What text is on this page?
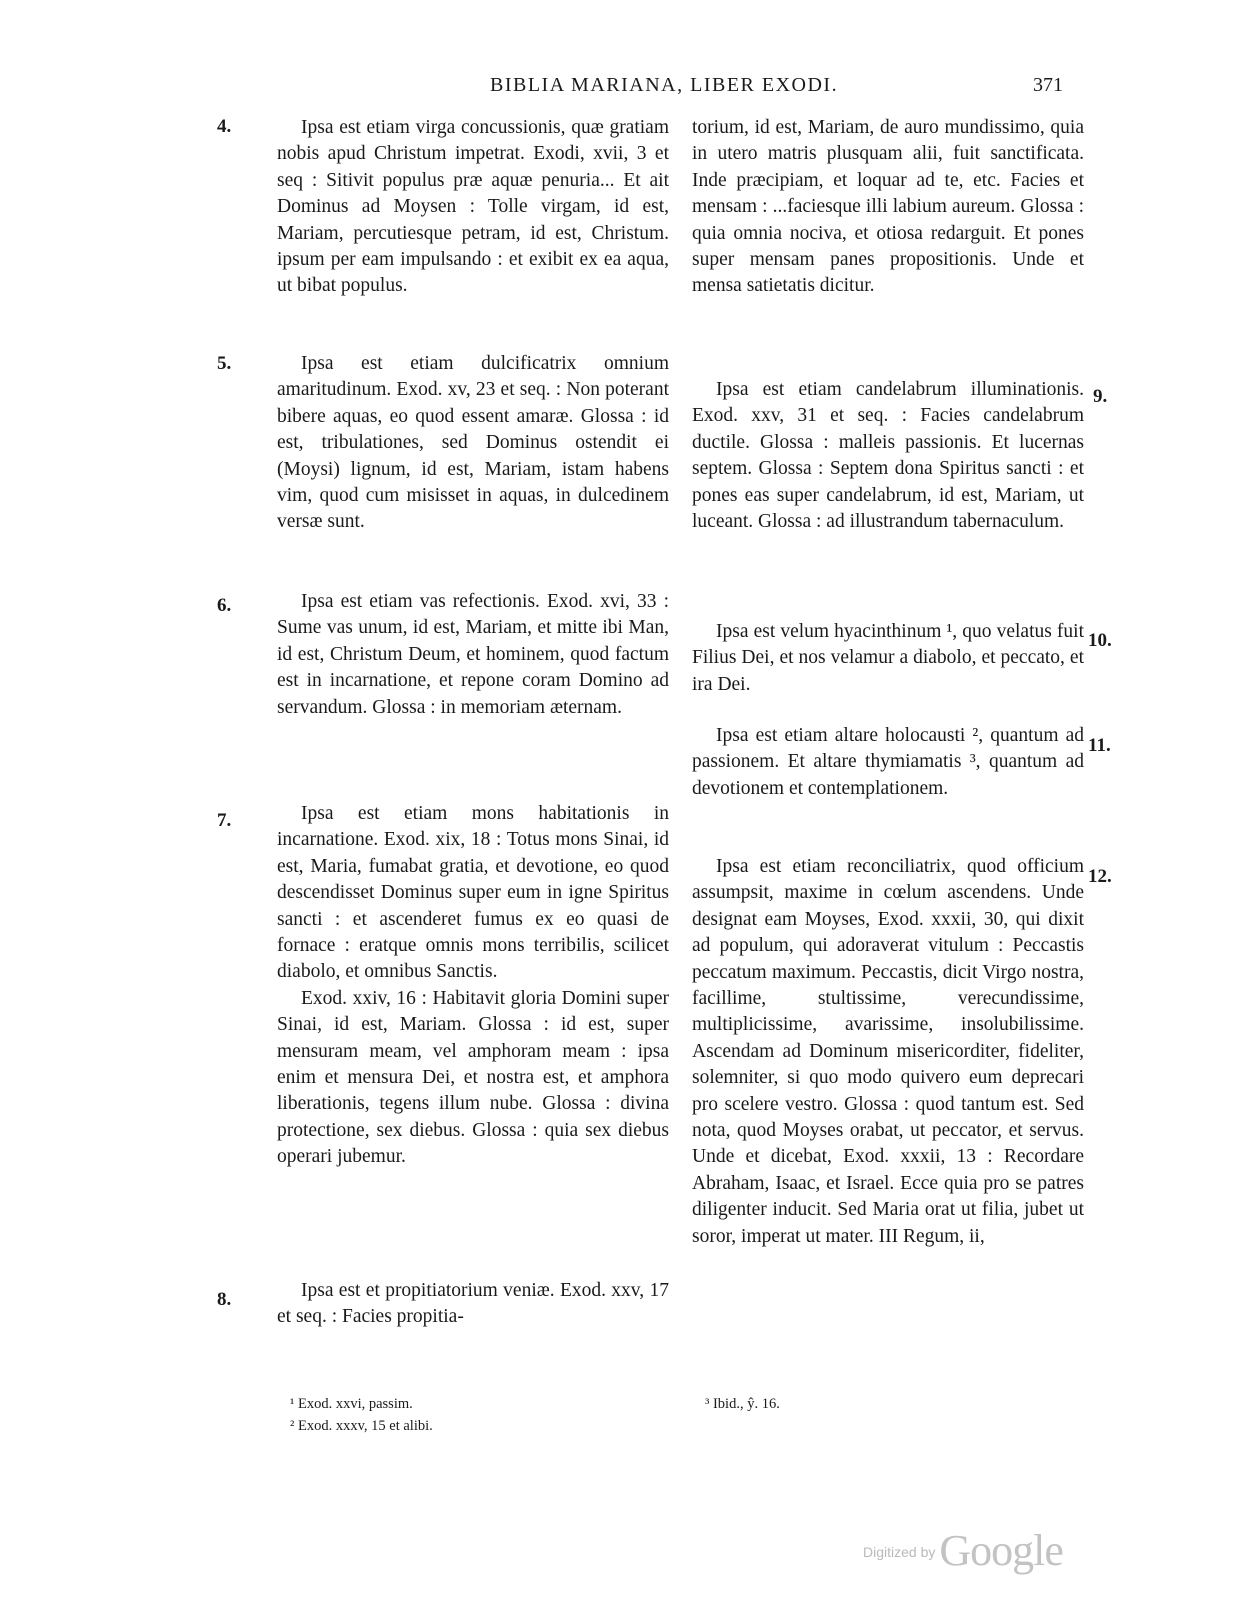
BIBLIA MARIANA, LIBER EXODI.	371
4.	Ipsa est etiam virga concussionis, quæ gratiam nobis apud Christum impetrat. Exodi, xvii, 3 et seq : Sitivit populus præ aquæ penuria... Et ait Dominus ad Moysen : Tolle virgam, id est, Mariam, percutiesque petram, id est, Christum. ipsum per eam impulsando : et exibit ex ea aqua, ut bibat populus.

5.	Ipsa est etiam dulcificatrix omnium amaritudinum. Exod. xv, 23 et seq. : Non poterant bibere aquas, eo quod essent amaræ. Glossa : id est, tribulationes, sed Dominus ostendit ei (Moysi) lignum, id est, Mariam, istam habens vim, quod cum misisset in aquas, in dulcedinem versæ sunt.

6.	Ipsa est etiam vas refectionis. Exod. xvi, 33 : Sume vas unum, id est, Mariam, et mitte ibi Man, id est, Christum Deum, et hominem, quod factum est in incarnatione, et repone coram Domino ad servandum. Glossa : in memoriam æternam.

7.	Ipsa est etiam mons habitationis in incarnatione. Exod. xix, 18 : Totus mons Sinai, id est, Maria, fumabat gratia, et devotione, eo quod descendisset Dominus super eum in igne Spiritus sancti : et ascenderet fumus ex eo quasi de fornace : eratque omnis mons terribilis, scilicet diabolo, et omnibus Sanctis.

Exod. xxiv, 16 : Habitavit gloria Domini super Sinai, id est, Mariam. Glossa : id est, super mensuram meam, vel amphoram meam : ipsa enim et mensura Dei, et nostra est, et amphora liberationis, tegens illum nube. Glossa : divina protectione, sex diebus. Glossa : quia sex diebus operari jubemur.

8.	Ipsa est et propitiatorium veniæ. Exod. xxv, 17 et seq. : Facies propitia-

torium, id est, Mariam, de auro mundissimo, quia in utero matris plusquam alii, fuit sanctificata. Inde præcipiam, et loquar ad te, etc. Facies et mensam : ...faciesque illi labium aureum. Glossa : quia omnia nociva, et otiosa redarguit. Et pones super mensam panes propositionis. Unde et mensa satietatis dicitur.

Ipsa est etiam candelabrum illuminationis. Exod. xxv, 31 et seq. : Facies candelabrum ductile. Glossa : malleis passionis. Et lucernas septem. Glossa : Septem dona Spiritus sancti : et pones eas super candelabrum, id est, Mariam, ut luceant. Glossa : ad illustrandum tabernaculum.

9.

Ipsa est velum hyacinthinum ¹, quo velatus fuit Filius Dei, et nos velamur a diabolo, et peccato, et ira Dei.

10.

Ipsa est etiam altare holocausti ², quantum ad passionem. Et altare thymiamatis ³, quantum ad devotionem et contemplationem.

11.

Ipsa est etiam reconciliatrix, quod officium assumpsit, maxime in cœlum ascendens. Unde designat eam Moyses, Exod. xxxii, 30, qui dixit ad populum, qui adoraverat vitulum : Peccastis peccatum maximum. Peccastis, dicit Virgo nostra, facillime, stultissime, verecundissime, multiplicissime, avarissime, insolubilissime. Ascendam ad Dominum misericorditer, fideliter, solemniter, si quo modo quivero eum deprecari pro scelere vestro. Glossa : quod tantum est. Sed nota, quod Moyses orabat, ut peccator, et servus. Unde et dicebat, Exod. xxxii, 13 : Recordare Abraham, Isaac, et Israel. Ecce quia pro se patres diligenter inducit. Sed Maria orat ut filia, jubet ut soror, imperat ut mater. III Regum, ii,

12.
¹ Exod. xxvi, passim.
² Exod. xxxv, 15 et alibi.
³ Ibid., ŷ. 16.
Digitized by Google
